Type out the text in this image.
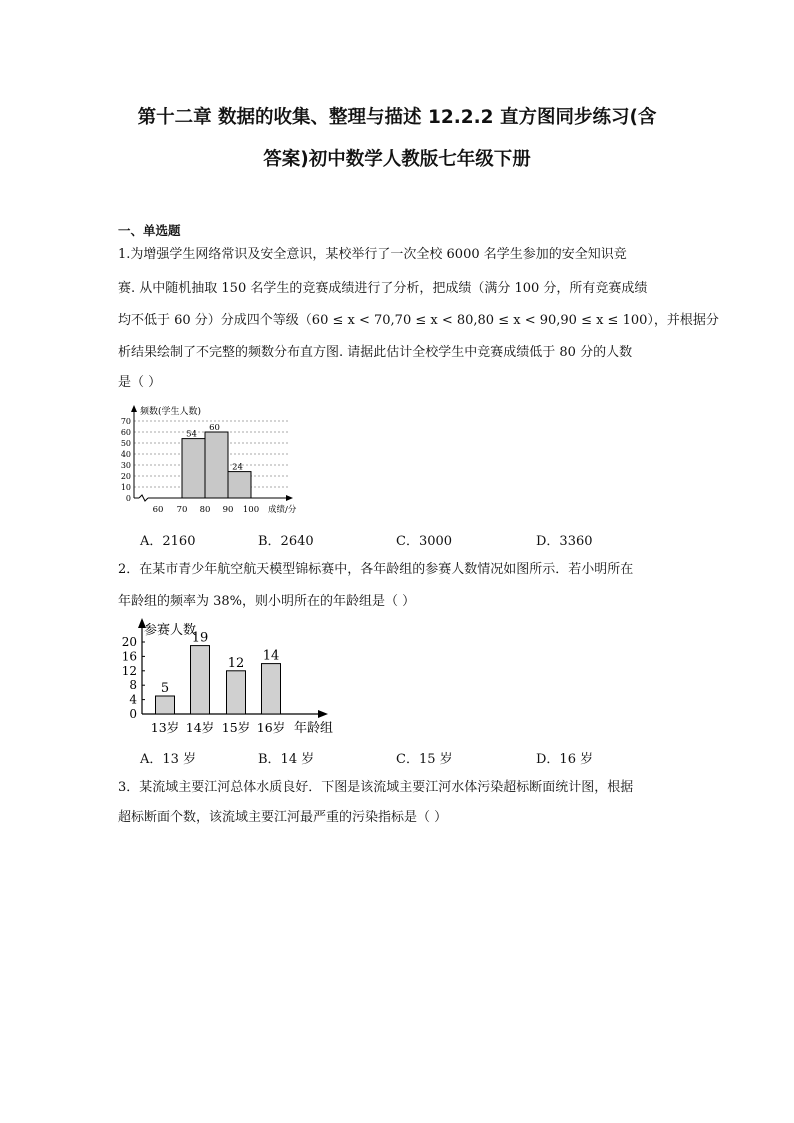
第十二章 数据的收集、整理与描述 12.2.2 直方图同步练习(含
答案)初中数学人教版七年级下册
一、单选题
1.为增强学生网络常识及安全意识，某校举行了一次全校 6000 名学生参加的安全知识竞
赛. 从中随机抽取 150 名学生的竞赛成绩进行了分析，把成绩（满分 100 分，所有竞赛成绩
均不低于 60 分）分成四个等级（60 ≤ x < 70,70 ≤ x < 80,80 ≤ x < 90,90 ≤ x ≤ 100），并根据分
析结果绘制了不完整的频数分布直方图. 请据此估计全校学生中竞赛成绩低于 80 分的人数
是（ ）
0
10
20
30
40
50
60
70
频数(学生人数)
成绩/分
60 70 80 90 100
54
60
24
A．2160	B．2640	C．3000	D．3360
2．在某市青少年航空航天模型锦标赛中，各年龄组的参赛人数情况如图所示．若小明所在
年龄组的频率为 38%，则小明所在的年龄组是（ ）
0
4
8
12
16
20
参赛人数
年龄组
5
13岁
19
14岁
12
15岁
14
16岁
A．13 岁	B．14 岁	C．15 岁	D．16 岁
3．某流域主要江河总体水质良好．下图是该流域主要江河水体污染超标断面统计图，根据
超标断面个数，该流域主要江河最严重的污染指标是（ ）
